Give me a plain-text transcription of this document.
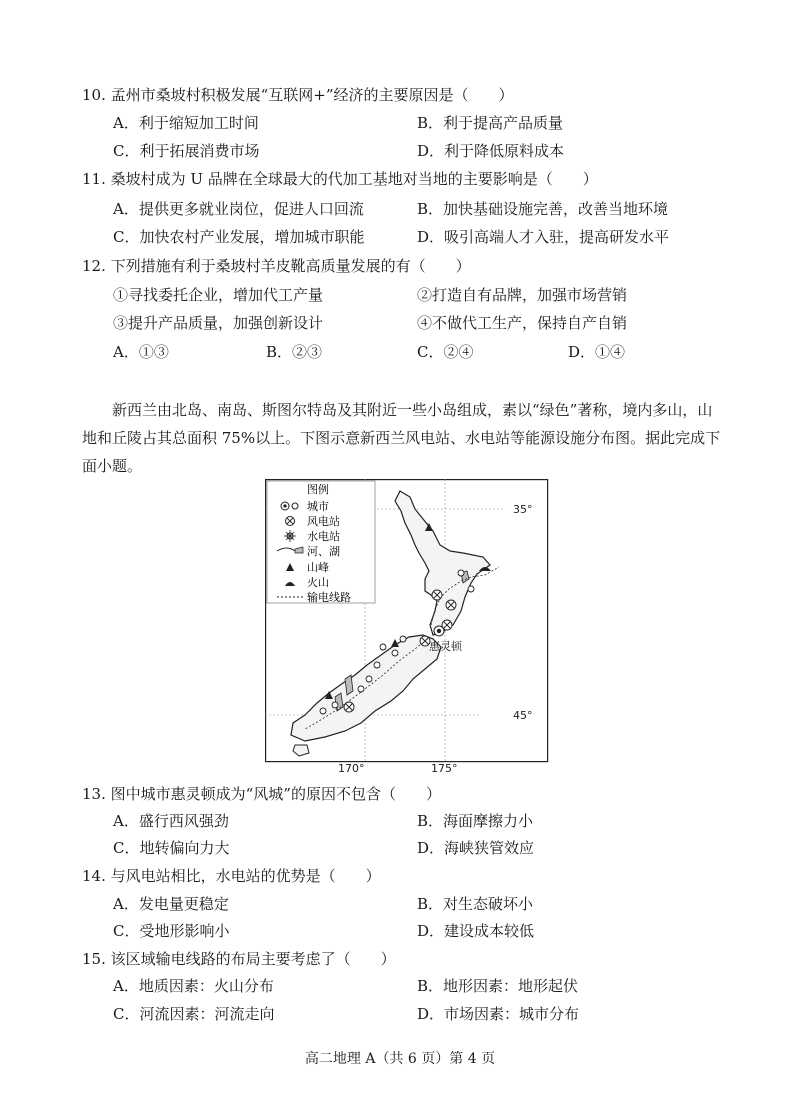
10. 孟州市桑坡村积极发展“互联网+”经济的主要原因是（　　）
A．利于缩短加工时间	B．利于提高产品质量
C．利于拓展消费市场	D．利于降低原料成本
11. 桑坡村成为 U 品牌在全球最大的代加工基地对当地的主要影响是（　　）
A．提供更多就业岗位，促进人口回流	B．加快基础设施完善，改善当地环境
C．加快农村产业发展，增加城市职能	D．吸引高端人才入驻，提高研发水平
12. 下列措施有利于桑坡村羊皮靴高质量发展的有（　　）
①寻找委托企业，增加代工产量	②打造自有品牌，加强市场营销
③提升产品质量，加强创新设计	④不做代工生产，保持自产自销
A．①③	B．②③	C．②④	D．①④
新西兰由北岛、南岛、斯图尔特岛及其附近一些小岛组成，素以“绿色”著称，境内多山，山地和丘陵占其总面积 75%以上。下图示意新西兰风电站、水电站等能源设施分布图。据此完成下面小题。
惠灵顿
图例
城市
风电站
水电站
河、湖
山峰
火山
输电线路
35°
45°
170°	175°
13. 图中城市惠灵顿成为“风城”的原因不包含（　　）
A．盛行西风强劲	B．海面摩擦力小
C．地转偏向力大	D．海峡狭管效应
14. 与风电站相比，水电站的优势是（　　）
A．发电量更稳定	B．对生态破坏小
C．受地形影响小	D．建设成本较低
15. 该区域输电线路的布局主要考虑了（　　）
A．地质因素：火山分布	B．地形因素：地形起伏
C．河流因素：河流走向	D．市场因素：城市分布
高二地理 A（共 6 页）第 4 页
